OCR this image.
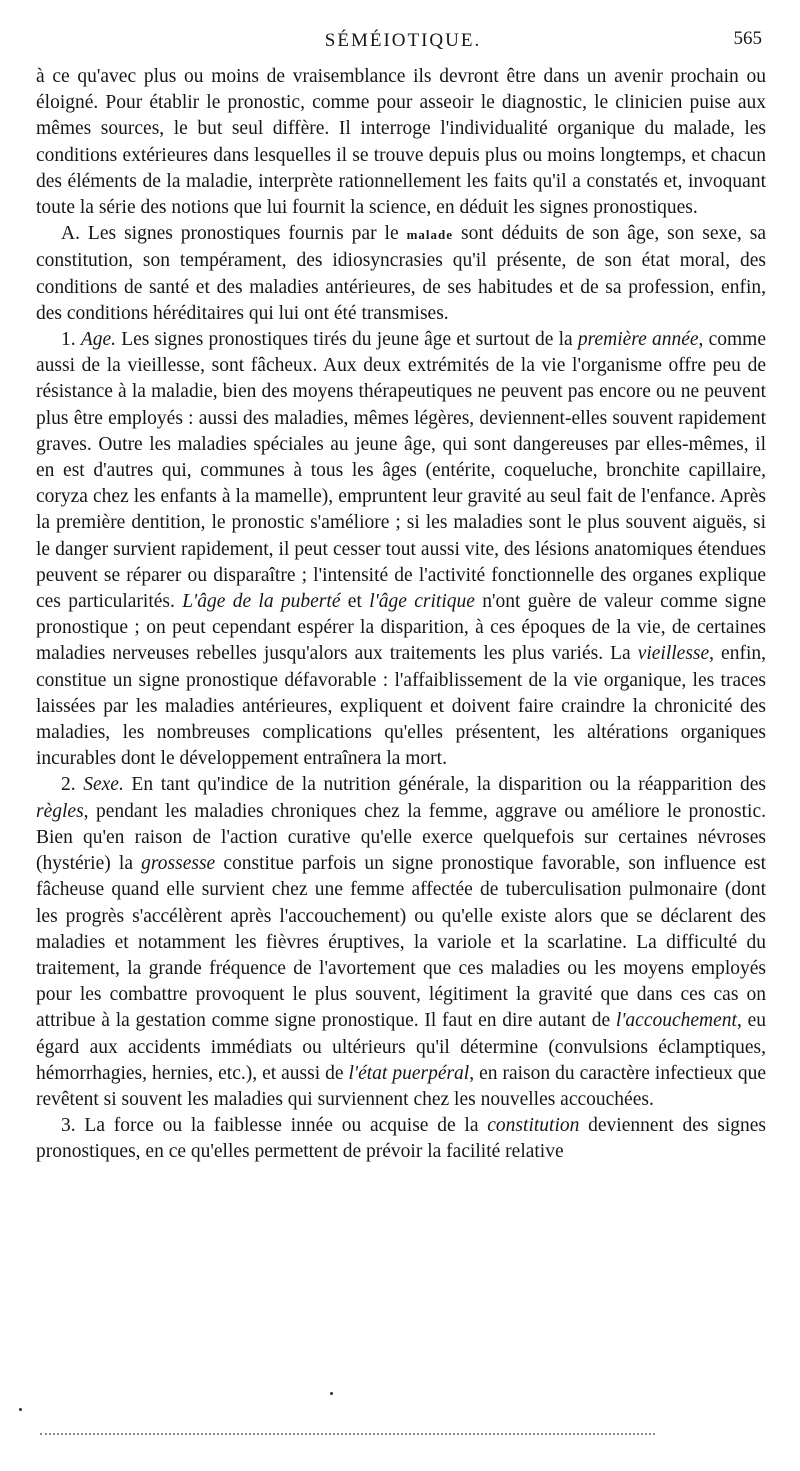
SÉMÉIOTIQUE.	565

à ce qu'avec plus ou moins de vraisemblance ils devront être dans un avenir prochain ou éloigné. Pour établir le pronostic, comme pour asseoir le diagnostic, le clinicien puise aux mêmes sources, le but seul diffère. Il interroge l'individualité organique du malade, les conditions extérieures dans lesquelles il se trouve depuis plus ou moins longtemps, et chacun des éléments de la maladie, interprète rationnellement les faits qu'il a constatés et, invoquant toute la série des notions que lui fournit la science, en déduit les signes pronostiques.

A. Les signes pronostiques fournis par le malade sont déduits de son âge, son sexe, sa constitution, son tempérament, des idiosyncrasies qu'il présente, de son état moral, des conditions de santé et des maladies antérieures, de ses habitudes et de sa profession, enfin, des conditions héréditaires qui lui ont été transmises.

1. Age. Les signes pronostiques tirés du jeune âge et surtout de la première année, comme aussi de la vieillesse, sont fâcheux. Aux deux extrémités de la vie l'organisme offre peu de résistance à la maladie, bien des moyens thérapeutiques ne peuvent pas encore ou ne peuvent plus être employés : aussi des maladies, mêmes légères, deviennent-elles souvent rapidement graves. Outre les maladies spéciales au jeune âge, qui sont dangereuses par elles-mêmes, il en est d'autres qui, communes à tous les âges (entérite, coqueluche, bronchite capillaire, coryza chez les enfants à la mamelle), empruntent leur gravité au seul fait de l'enfance. Après la première dentition, le pronostic s'améliore ; si les maladies sont le plus souvent aiguës, si le danger survient rapidement, il peut cesser tout aussi vite, des lésions anatomiques étendues peuvent se réparer ou disparaître ; l'intensité de l'activité fonctionnelle des organes explique ces particularités. L'âge de la puberté et l'âge critique n'ont guère de valeur comme signe pronostique ; on peut cependant espérer la disparition, à ces époques de la vie, de certaines maladies nerveuses rebelles jusqu'alors aux traitements les plus variés. La vieillesse, enfin, constitue un signe pronostique défavorable : l'affaiblissement de la vie organique, les traces laissées par les maladies antérieures, expliquent et doivent faire craindre la chronicité des maladies, les nombreuses complications qu'elles présentent, les altérations organiques incurables dont le développement entraînera la mort.

2. Sexe. En tant qu'indice de la nutrition générale, la disparition ou la réapparition des règles, pendant les maladies chroniques chez la femme, aggrave ou améliore le pronostic. Bien qu'en raison de l'action curative qu'elle exerce quelquefois sur certaines névroses (hystérie) la grossesse constitue parfois un signe pronostique favorable, son influence est fâcheuse quand elle survient chez une femme affectée de tuberculisation pulmonaire (dont les progrès s'accélèrent après l'accouchement) ou qu'elle existe alors que se déclarent des maladies et notamment les fièvres éruptives, la variole et la scarlatine. La difficulté du traitement, la grande fréquence de l'avortement que ces maladies ou les moyens employés pour les combattre provoquent le plus souvent, légitiment la gravité que dans ces cas on attribue à la gestation comme signe pronostique. Il faut en dire autant de l'accouchement, eu égard aux accidents immédiats ou ultérieurs qu'il détermine (convulsions éclamptiques, hémorrhagies, hernies, etc.), et aussi de l'état puerpéral, en raison du caractère infectieux que revêtent si souvent les maladies qui surviennent chez les nouvelles accouchées.

3. La force ou la faiblesse innée ou acquise de la constitution deviennent des signes pronostiques, en ce qu'elles permettent de prévoir la facilité relative
